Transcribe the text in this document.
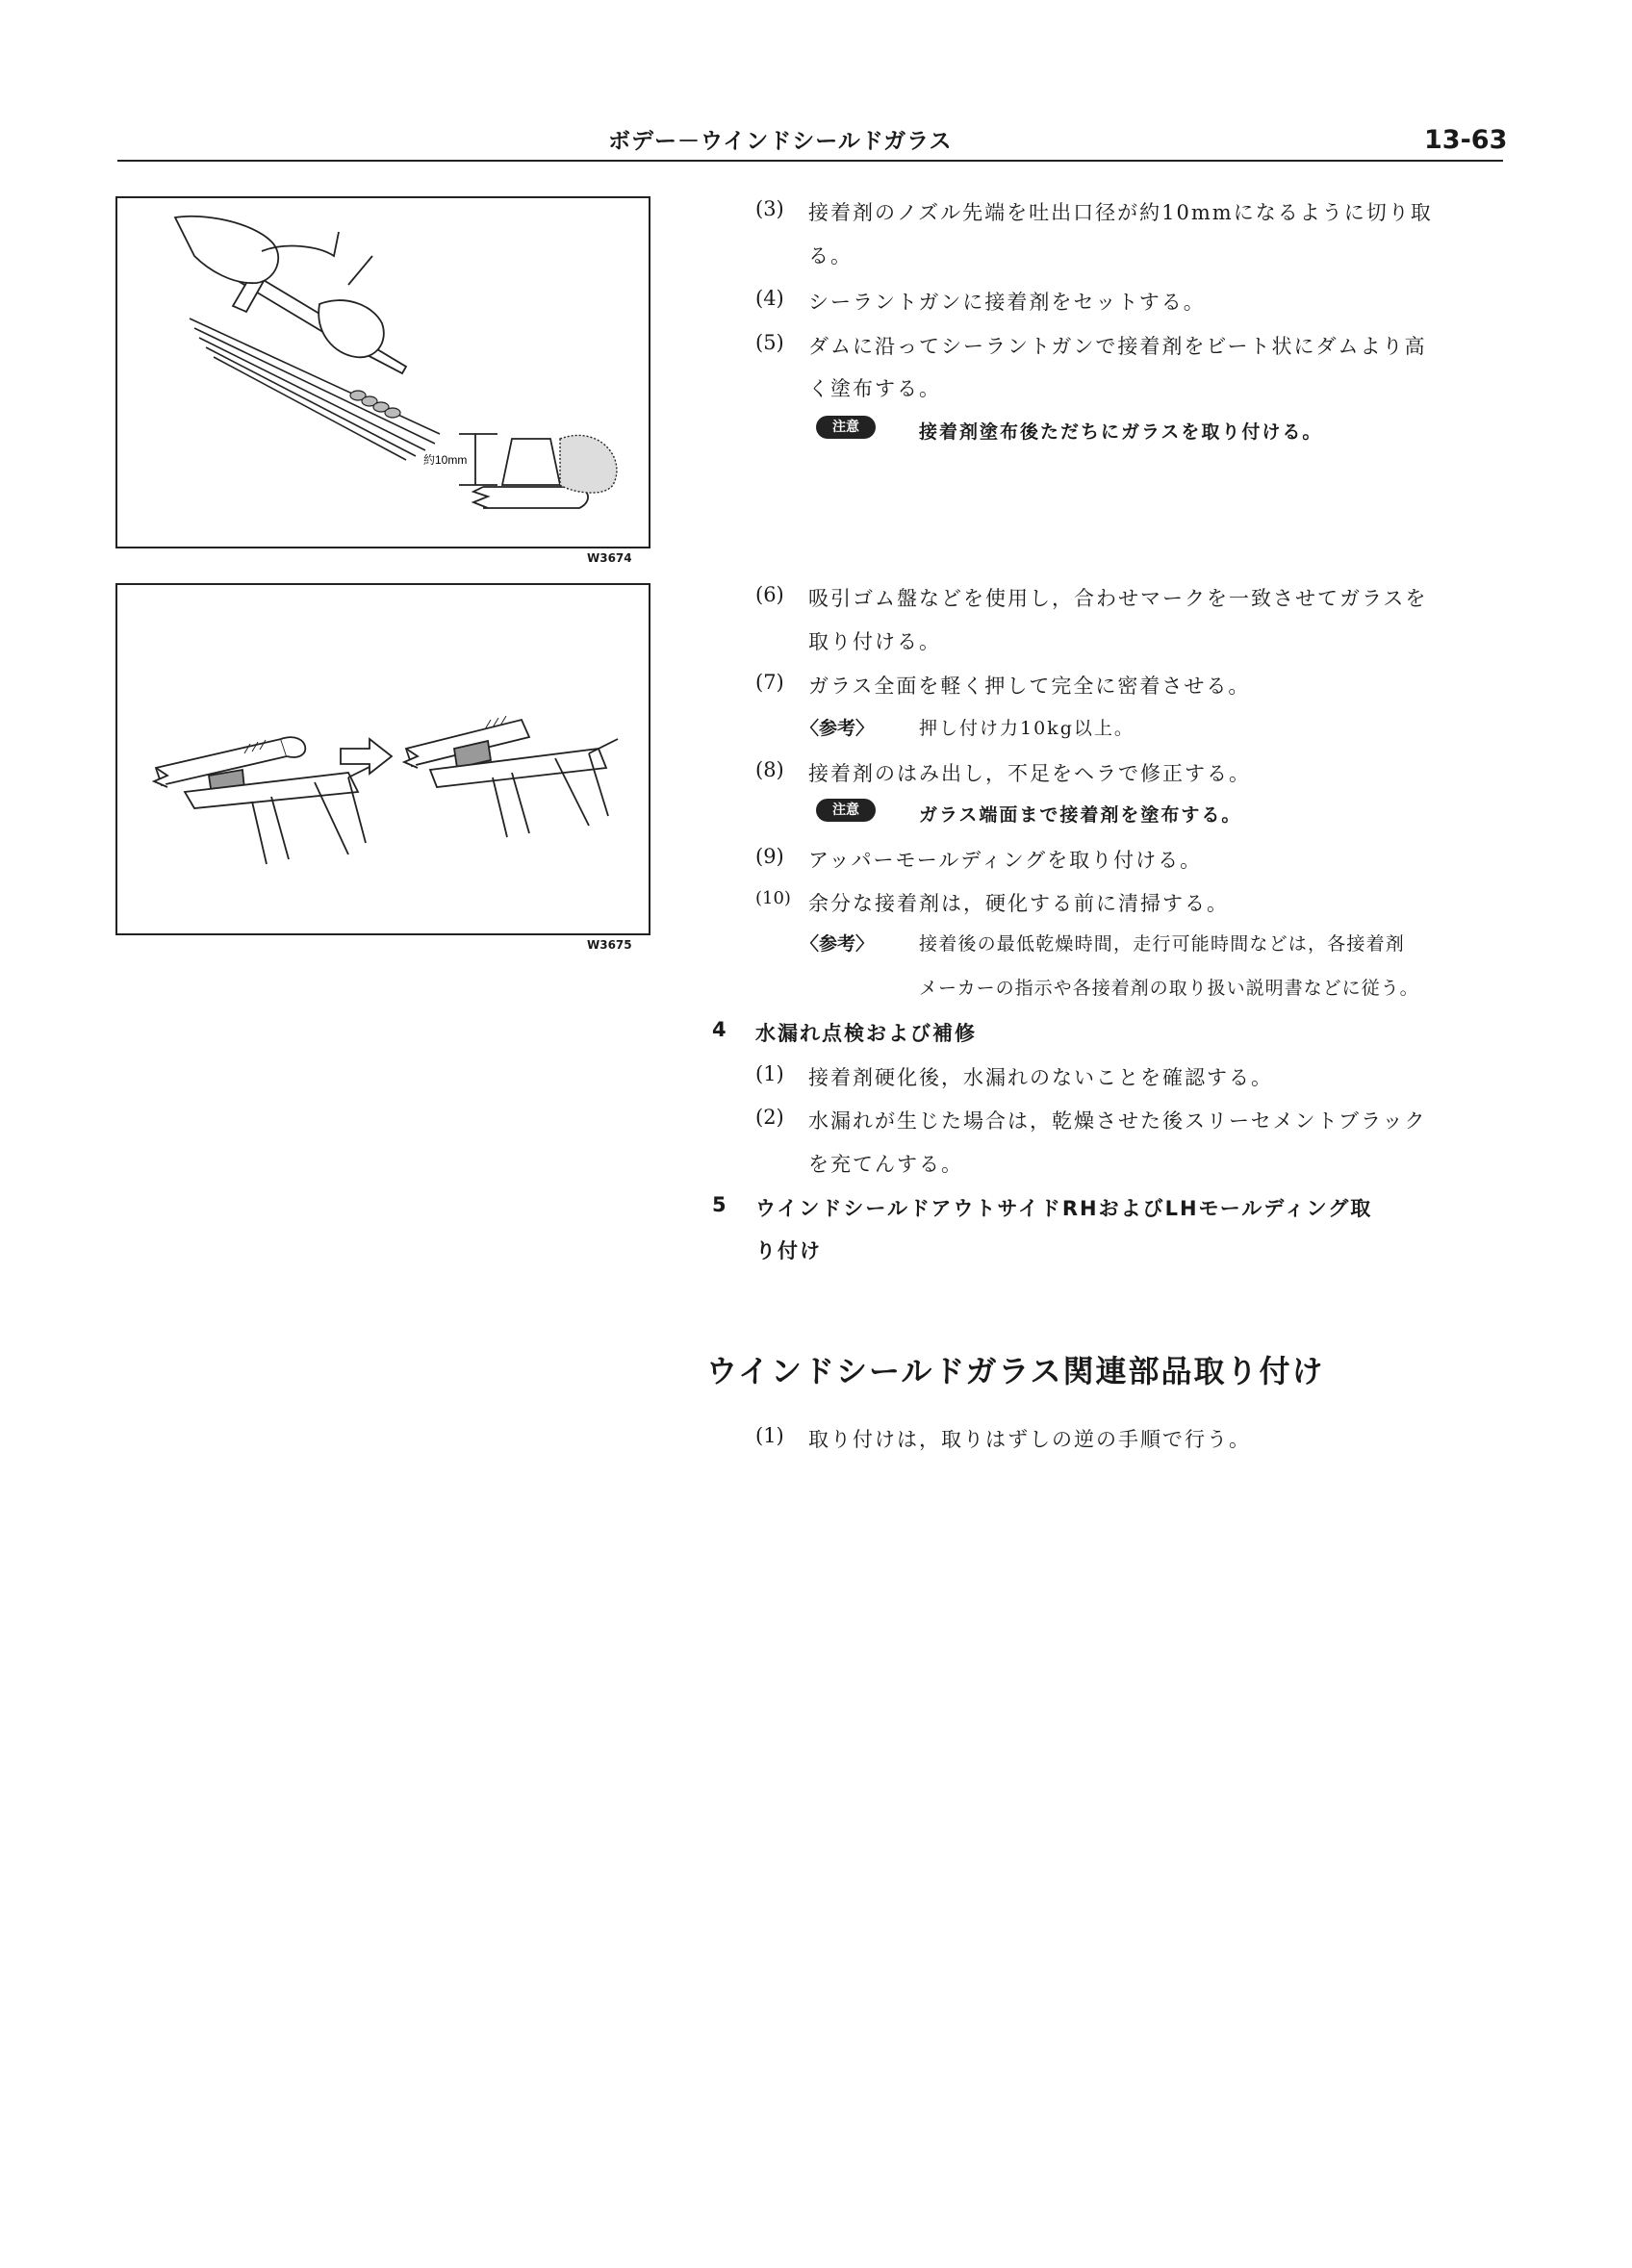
ボデー－ウインドシールドガラス	13-63
約10mm
W3674
W3675
(3) 接着剤のノズル先端を吐出口径が約10mmになるように切り取
る。
(4) シーラントガンに接着剤をセットする。
(5) ダムに沿ってシーラントガンで接着剤をビート状にダムより高
く塗布する。
注意	接着剤塗布後ただちにガラスを取り付ける。
(6) 吸引ゴム盤などを使用し，合わせマークを一致させてガラスを
取り付ける。
(7) ガラス全面を軽く押して完全に密着させる。
〈参考〉 押し付け力10kg以上。
(8) 接着剤のはみ出し，不足をヘラで修正する。
注意	ガラス端面まで接着剤を塗布する。
(9) アッパーモールディングを取り付ける。
(10) 余分な接着剤は，硬化する前に清掃する。
〈参考〉 接着後の最低乾燥時間，走行可能時間などは，各接着剤
メーカーの指示や各接着剤の取り扱い説明書などに従う。
4 水漏れ点検および補修
(1) 接着剤硬化後，水漏れのないことを確認する。
(2) 水漏れが生じた場合は，乾燥させた後スリーセメントブラック
を充てんする。
5 ウインドシールドアウトサイドRHおよびLHモールディング取
り付け
ウインドシールドガラス関連部品取り付け
(1) 取り付けは，取りはずしの逆の手順で行う。
